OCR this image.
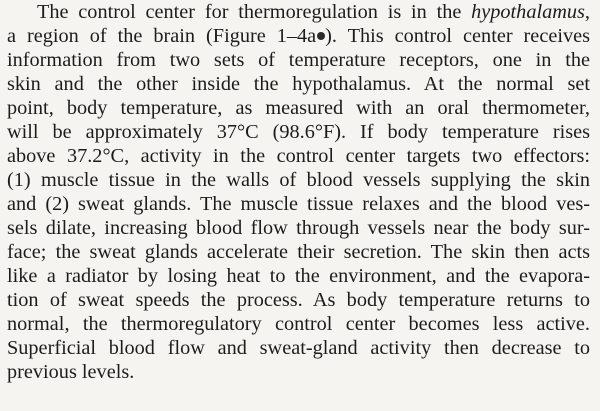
The control center for thermoregulation is in the hypothalamus,
a region of the brain (Figure 1–4a ). This control center receives
information from two sets of temperature receptors, one in the
skin and the other inside the hypothalamus. At the normal set
point, body temperature, as measured with an oral thermometer,
will be approximately 37°C (98.6°F). If body temperature rises
above 37.2°C, activity in the control center targets two effectors:
(1) muscle tissue in the walls of blood vessels supplying the skin
and (2) sweat glands. The muscle tissue relaxes and the blood ves-
sels dilate, increasing blood flow through vessels near the body sur-
face; the sweat glands accelerate their secretion. The skin then acts
like a radiator by losing heat to the environment, and the evapora-
tion of sweat speeds the process. As body temperature returns to
normal, the thermoregulatory control center becomes less active.
Superficial blood flow and sweat-gland activity then decrease to
previous levels.
